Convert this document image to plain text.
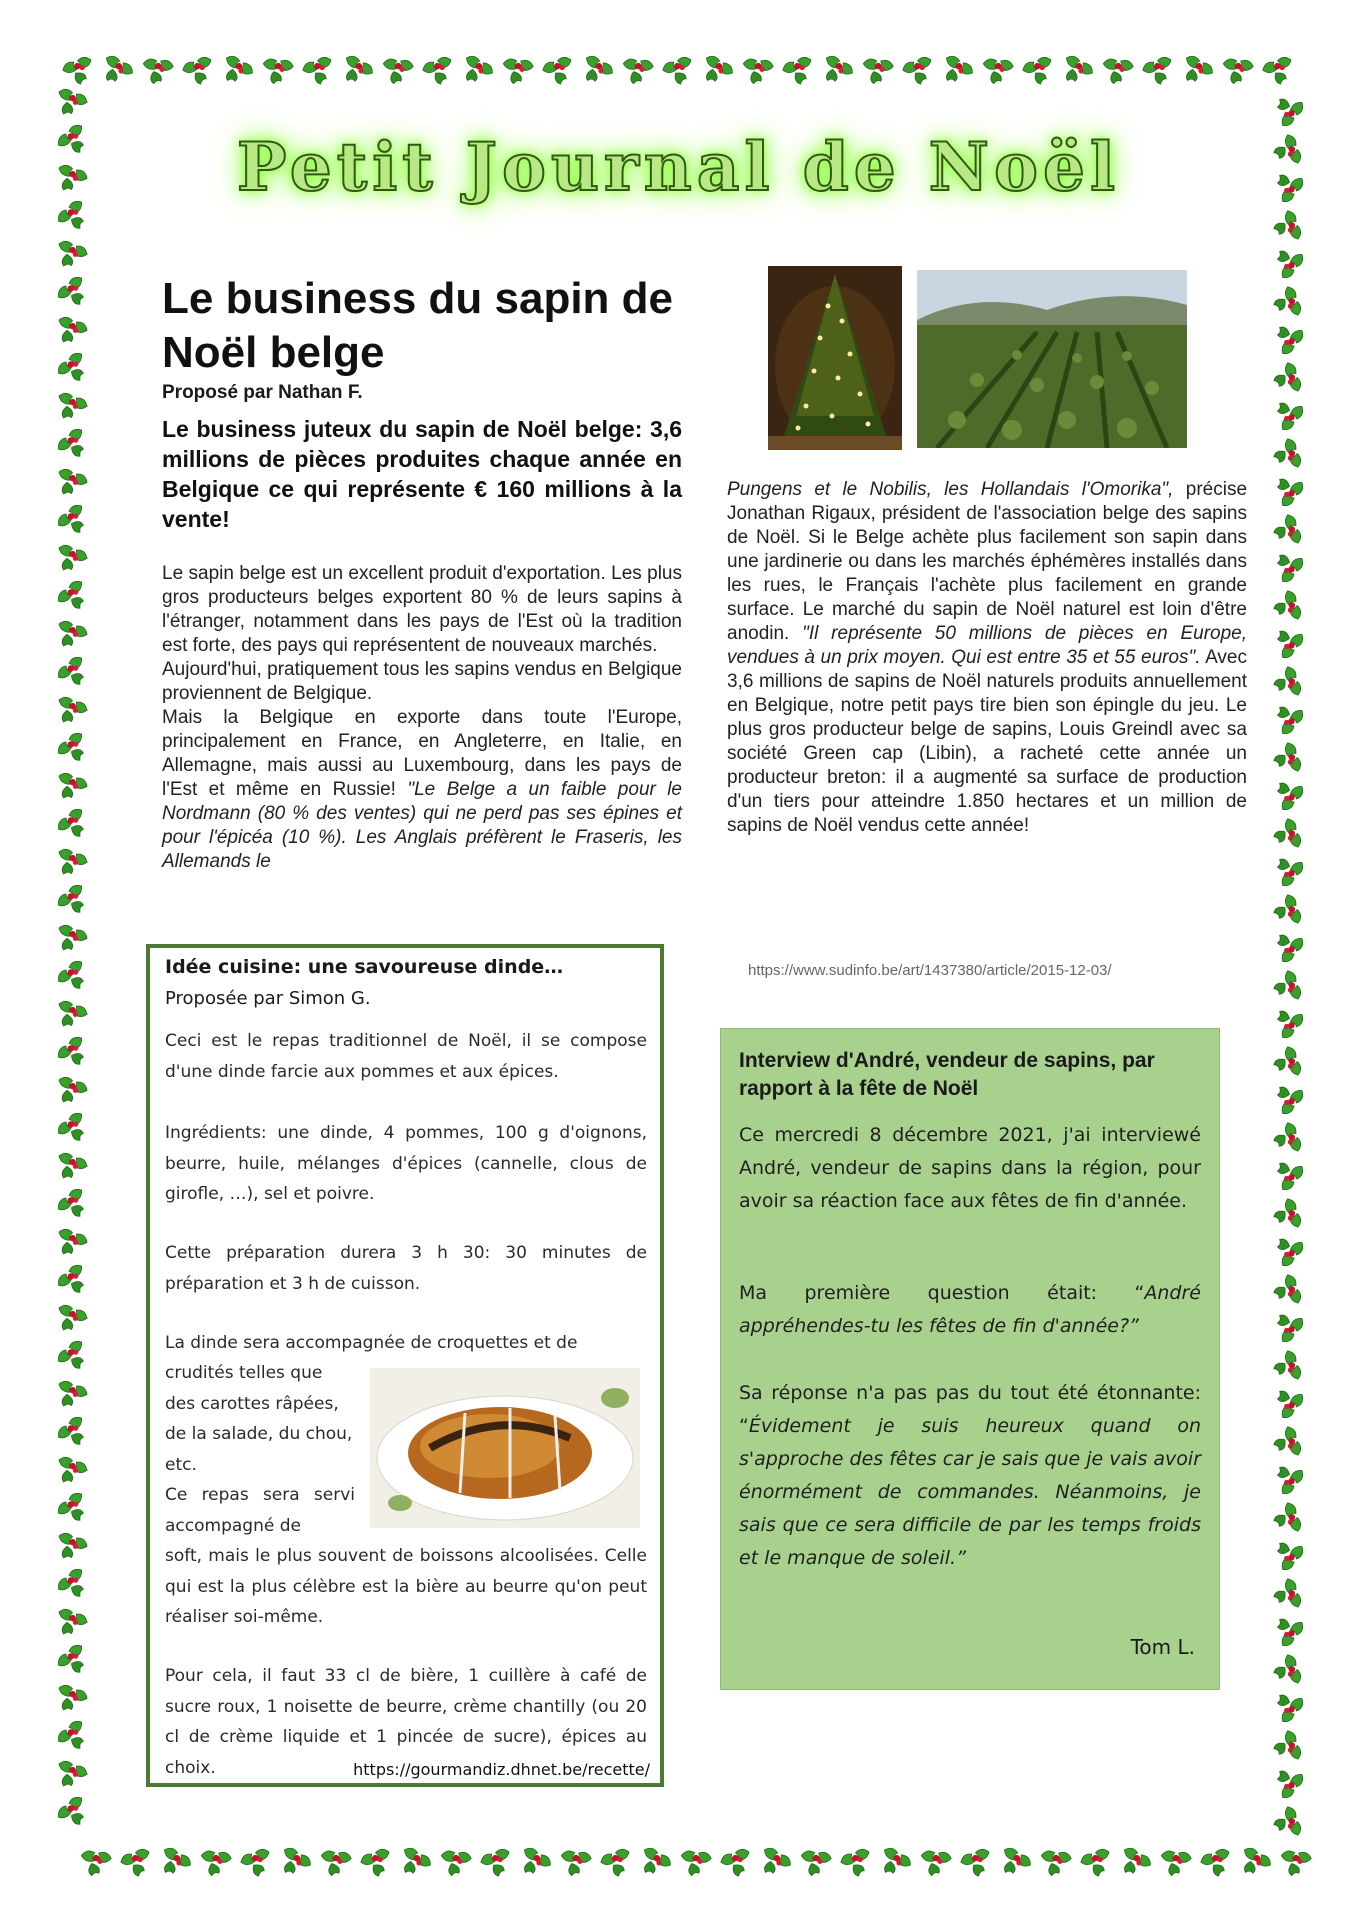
Petit Journal de Noël
Le business du sapin de Noël belge
Proposé par Nathan F.
Le business juteux du sapin de Noël belge: 3,6 millions de pièces produites chaque année en Belgique ce qui représente € 160 millions à la vente!
Le sapin belge est un excellent produit d'exportation. Les plus gros producteurs belges exportent 80 % de leurs sapins à l'étranger, notamment dans les pays de l'Est où la tradition est forte, des pays qui représentent de nouveaux marchés.
Aujourd'hui, pratiquement tous les sapins vendus en Belgique proviennent de Belgique.
Mais la Belgique en exporte dans toute l'Europe, principalement en France, en Angleterre, en Italie, en Allemagne, mais aussi au Luxembourg, dans les pays de l'Est et même en Russie! "Le Belge a un faible pour le Nordmann (80 % des ventes) qui ne perd pas ses épines et pour l'épicéa (10 %). Les Anglais préfèrent le Fraseris, les Allemands le
Pungens et le Nobilis, les Hollandais l'Omorika", précise Jonathan Rigaux, président de l'association belge des sapins de Noël. Si le Belge achète plus facilement son sapin dans une jardinerie ou dans les marchés éphémères installés dans les rues, le Français l'achète plus facilement en grande surface. Le marché du sapin de Noël naturel est loin d'être anodin. "Il représente 50 millions de pièces en Europe, vendues à un prix moyen. Qui est entre 35 et 55 euros". Avec 3,6 millions de sapins de Noël naturels produits annuellement en Belgique, notre petit pays tire bien son épingle du jeu. Le plus gros producteur belge de sapins, Louis Greindl avec sa société Green cap (Libin), a racheté cette année un producteur breton: il a augmenté sa surface de production d'un tiers pour atteindre 1.850 hectares et un million de sapins de Noël vendus cette année!
https://www.sudinfo.be/art/1437380/article/2015-12-03/
Idée cuisine: une savoureuse dinde…
Proposée par Simon G.
Ceci est le repas traditionnel de Noël, il se compose d'une dinde farcie aux pommes et aux épices.
Ingrédients: une dinde, 4 pommes, 100 g d'oignons, beurre, huile, mélanges d'épices (cannelle, clous de girofle, …), sel et poivre.
Cette préparation durera 3 h 30: 30 minutes de préparation et 3 h de cuisson.
La dinde sera accompagnée de croquettes et de
crudités telles que des carottes râpées, de la salade, du chou, etc.
Ce repas sera servi accompagné de
soft, mais le plus souvent de boissons alcoolisées. Celle qui est la plus célèbre est la bière au beurre qu'on peut réaliser soi-même.
Pour cela, il faut 33 cl de bière, 1 cuillère à café de sucre roux, 1 noisette de beurre, crème chantilly (ou 20 cl de crème liquide et 1 pincée de sucre), épices au choix.	https://gourmandiz.dhnet.be/recette/
Interview d'André, vendeur de sapins, par rapport à la fête de Noël
Ce mercredi 8 décembre 2021, j'ai interviewé André, vendeur de sapins dans la région, pour avoir sa réaction face aux fêtes de fin d'année.
Ma première question était: “André appréhendes-tu les fêtes de fin d'année?”
Sa réponse n'a pas pas du tout été étonnante: “Évidement je suis heureux quand on s'approche des fêtes car je sais que je vais avoir énormément de commandes. Néanmoins, je sais que ce sera difficile de par les temps froids et le manque de soleil.”
Tom L.
